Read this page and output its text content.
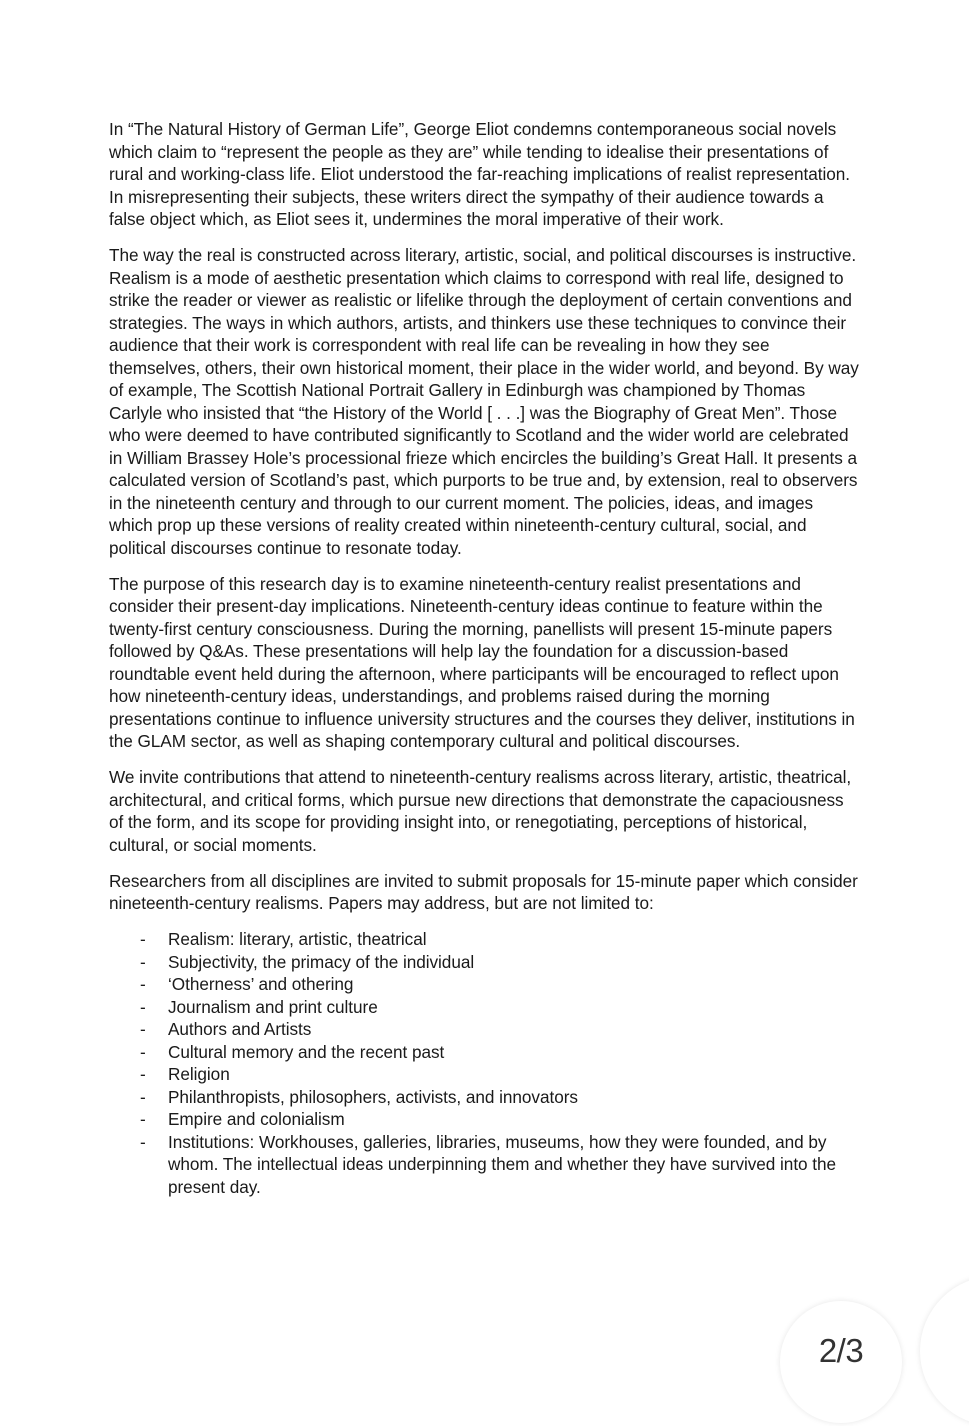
In “The Natural History of German Life”, George Eliot condemns contemporaneous social novels which claim to “represent the people as they are” while tending to idealise their presentations of rural and working-class life. Eliot understood the far-reaching implications of realist representation. In misrepresenting their subjects, these writers direct the sympathy of their audience towards a false object which, as Eliot sees it, undermines the moral imperative of their work.

The way the real is constructed across literary, artistic, social, and political discourses is instructive. Realism is a mode of aesthetic presentation which claims to correspond with real life, designed to strike the reader or viewer as realistic or lifelike through the deployment of certain conventions and strategies. The ways in which authors, artists, and thinkers use these techniques to convince their audience that their work is correspondent with real life can be revealing in how they see themselves, others, their own historical moment, their place in the wider world, and beyond. By way of example, The Scottish National Portrait Gallery in Edinburgh was championed by Thomas Carlyle who insisted that “the History of the World [ . . .] was the Biography of Great Men”. Those who were deemed to have contributed significantly to Scotland and the wider world are celebrated in William Brassey Hole’s processional frieze which encircles the building’s Great Hall. It presents a calculated version of Scotland’s past, which purports to be true and, by extension, real to observers in the nineteenth century and through to our current moment. The policies, ideas, and images which prop up these versions of reality created within nineteenth-century cultural, social, and political discourses continue to resonate today.

The purpose of this research day is to examine nineteenth-century realist presentations and consider their present-day implications. Nineteenth-century ideas continue to feature within the twenty-first century consciousness. During the morning, panellists will present 15-minute papers followed by Q&As. These presentations will help lay the foundation for a discussion-based roundtable event held during the afternoon, where participants will be encouraged to reflect upon how nineteenth-century ideas, understandings, and problems raised during the morning presentations continue to influence university structures and the courses they deliver, institutions in the GLAM sector, as well as shaping contemporary cultural and political discourses.

We invite contributions that attend to nineteenth-century realisms across literary, artistic, theatrical, architectural, and critical forms, which pursue new directions that demonstrate the capaciousness of the form, and its scope for providing insight into, or renegotiating, perceptions of historical, cultural, or social moments.

Researchers from all disciplines are invited to submit proposals for 15-minute paper which consider nineteenth-century realisms. Papers may address, but are not limited to:

- Realism: literary, artistic, theatrical
- Subjectivity, the primacy of the individual
- ‘Otherness’ and othering
- Journalism and print culture
- Authors and Artists
- Cultural memory and the recent past
- Religion
- Philanthropists, philosophers, activists, and innovators
- Empire and colonialism
- Institutions: Workhouses, galleries, libraries, museums, how they were founded, and by whom. The intellectual ideas underpinning them and whether they have survived into the present day.
2/3
